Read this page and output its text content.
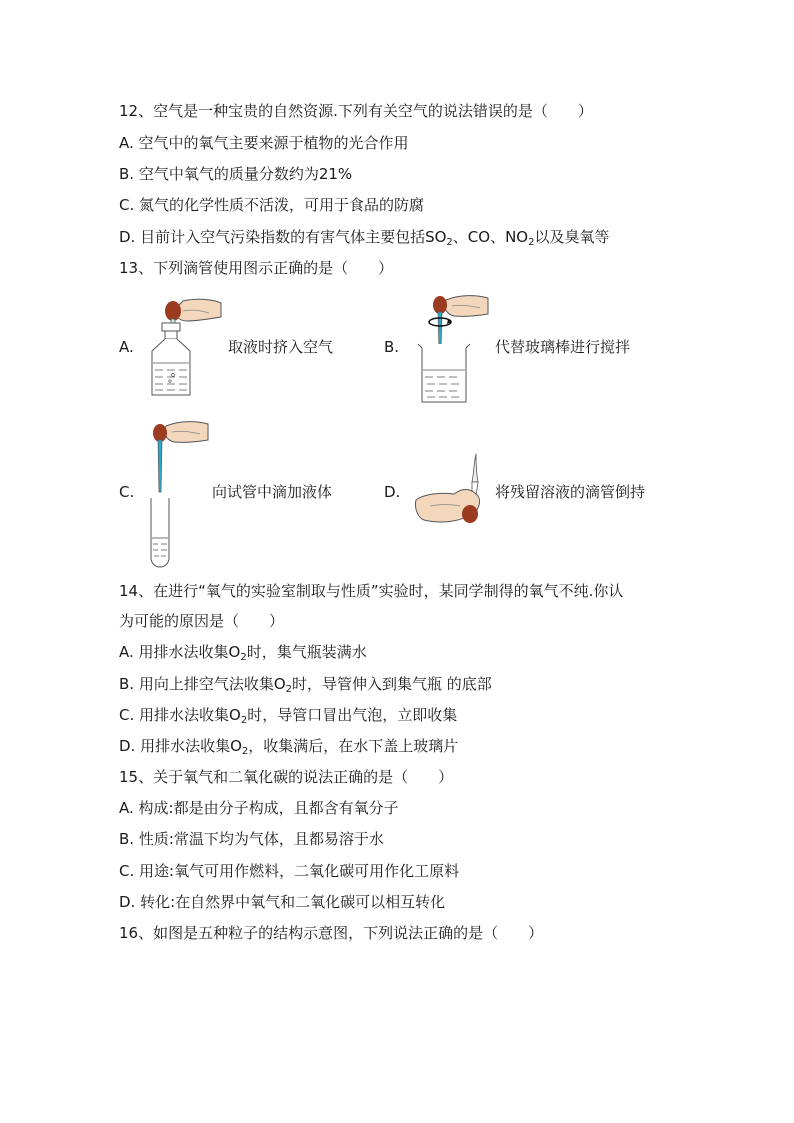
12、空气是一种宝贵的自然资源.下列有关空气的说法错误的是（　　）
A. 空气中的氧气主要来源于植物的光合作用
B. 空气中氧气的质量分数约为21%
C. 氮气的化学性质不活泼，可用于食品的防腐
D. 目前计入空气污染指数的有害气体主要包括$SO_2$、CO、$NO_2$以及臭氧等
13、下列滴管使用图示正确的是（　　）
A.	取液时挤入空气	B.	代替玻璃棒进行搅拌
C.	向试管中滴加液体	D.	将残留溶液的滴管倒持
14、在进行“氧气的实验室制取与性质”实验时，某同学制得的氧气不纯.你认
为可能的原因是（　　）
A. 用排水法收集$O_2$时，集气瓶装满水
B. 用向上排空气法收集$O_2$时，导管伸入到集气瓶 的底部
C. 用排水法收集$O_2$时，导管口冒出气泡，立即收集
D. 用排水法收集$O_2$，收集满后，在水下盖上玻璃片
15、关于氧气和二氧化碳的说法正确的是（　　）
A. 构成:都是由分子构成，且都含有氧分子
B. 性质:常温下均为气体，且都易溶于水
C. 用途:氧气可用作燃料，二氧化碳可用作化工原料
D. 转化:在自然界中氧气和二氧化碳可以相互转化
16、如图是五种粒子的结构示意图，下列说法正确的是（　　）
